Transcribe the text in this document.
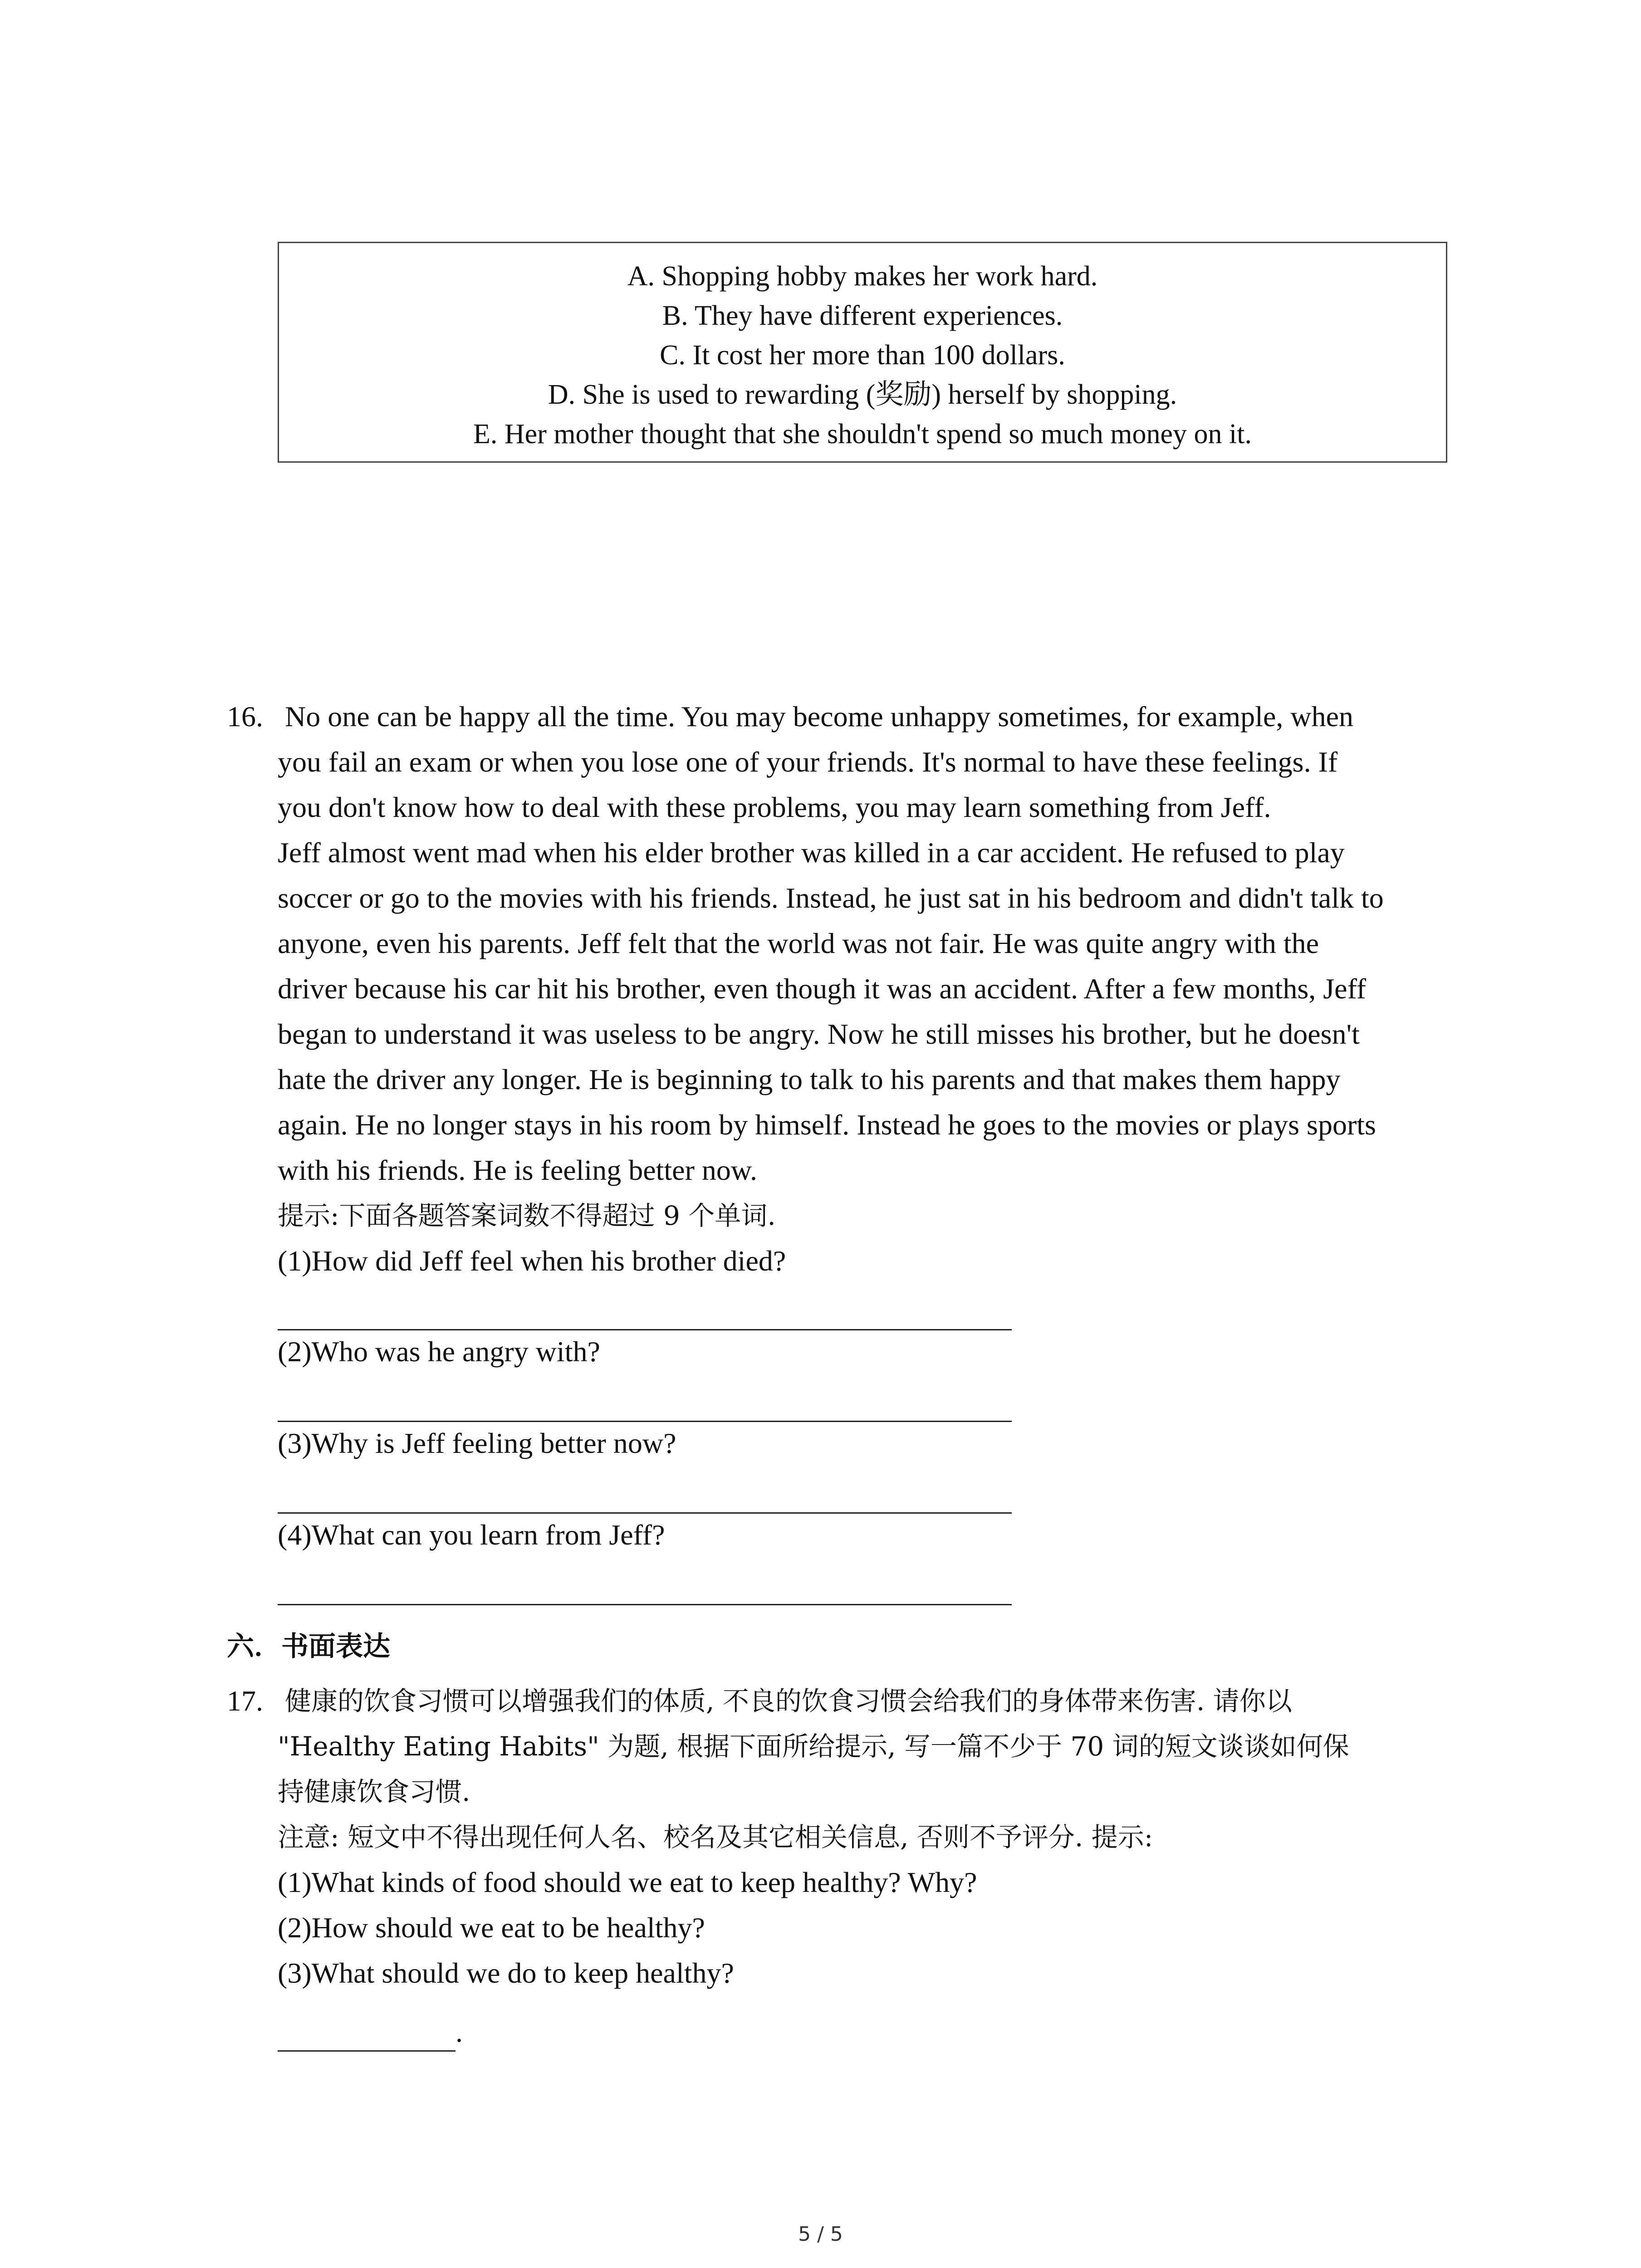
A. Shopping hobby makes her work hard.
B. They have different experiences.
C. It cost her more than 100 dollars.
D. She is used to rewarding (奖励) herself by shopping.
E. Her mother thought that she shouldn't spend so much money on it.
16. No one can be happy all the time. You may become unhappy sometimes, for example, when
you fail an exam or when you lose one of your friends. It's normal to have these feelings. If
you don't know how to deal with these problems, you may learn something from Jeff.
Jeff almost went mad when his elder brother was killed in a car accident. He refused to play
soccer or go to the movies with his friends. Instead, he just sat in his bedroom and didn't talk to
anyone, even his parents. Jeff felt that the world was not fair. He was quite angry with the
driver because his car hit his brother, even though it was an accident. After a few months, Jeff
began to understand it was useless to be angry. Now he still misses his brother, but he doesn't
hate the driver any longer. He is beginning to talk to his parents and that makes them happy
again. He no longer stays in his room by himself. Instead he goes to the movies or plays sports
with his friends. He is feeling better now.
提示:下面各题答案词数不得超过 9 个单词.
(1)How did Jeff feel when his brother died?
(2)Who was he angry with?
(3)Why is Jeff feeling better now?
(4)What can you learn from Jeff?
六．书面表达
17. 健康的饮食习惯可以增强我们的体质, 不良的饮食习惯会给我们的身体带来伤害. 请你以
"Healthy Eating Habits" 为题, 根据下面所给提示, 写一篇不少于 70 词的短文谈谈如何保
持健康饮食习惯.
注意: 短文中不得出现任何人名、校名及其它相关信息, 否则不予评分. 提示:
(1)What kinds of food should we eat to keep healthy? Why?
(2)How should we eat to be healthy?
(3)What should we do to keep healthy?
.
5 / 5
